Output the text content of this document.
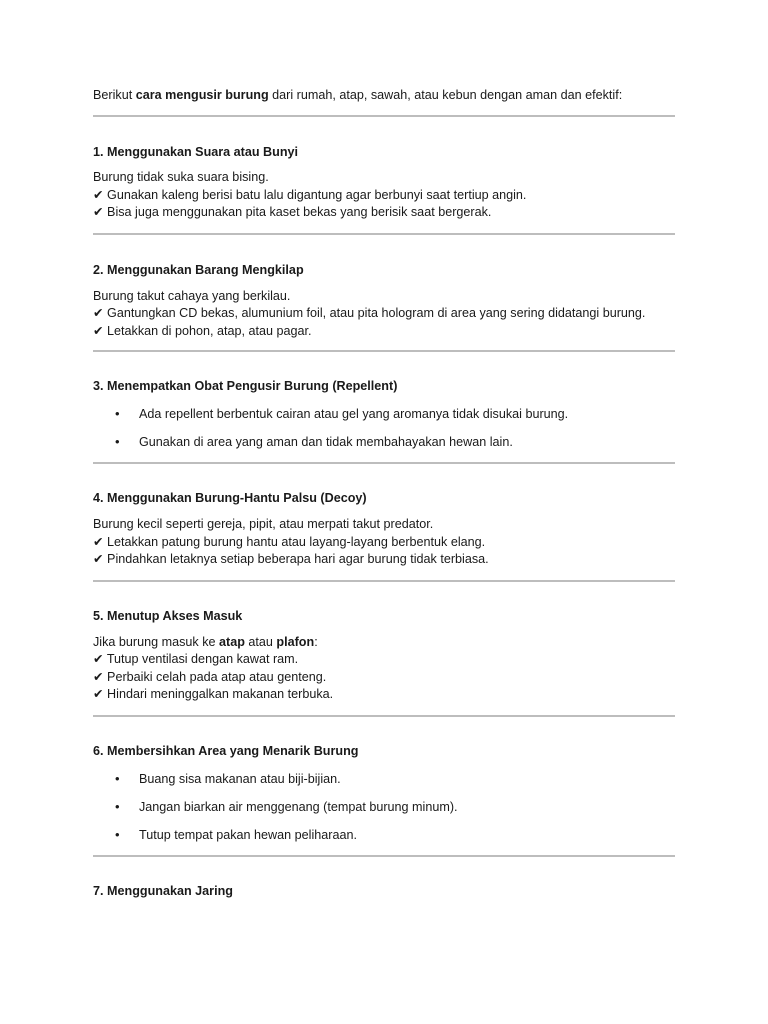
Berikut cara mengusir burung dari rumah, atap, sawah, atau kebun dengan aman dan efektif:

1. Menggunakan Suara atau Bunyi

Burung tidak suka suara bising.

✔ Gunakan kaleng berisi batu lalu digantung agar berbunyi saat tertiup angin.

✔ Bisa juga menggunakan pita kaset bekas yang berisik saat bergerak.

2. Menggunakan Barang Mengkilap

Burung takut cahaya yang berkilau.

✔ Gantungkan CD bekas, alumunium foil, atau pita hologram di area yang sering didatangi burung.

✔ Letakkan di pohon, atap, atau pagar.

3. Menempatkan Obat Pengusir Burung (Repellent)

• Ada repellent berbentuk cairan atau gel yang aromanya tidak disukai burung.
• Gunakan di area yang aman dan tidak membahayakan hewan lain.

4. Menggunakan Burung-Hantu Palsu (Decoy)

Burung kecil seperti gereja, pipit, atau merpati takut predator.

✔ Letakkan patung burung hantu atau layang-layang berbentuk elang.

✔ Pindahkan letaknya setiap beberapa hari agar burung tidak terbiasa.

5. Menutup Akses Masuk

Jika burung masuk ke atap atau plafon:

✔ Tutup ventilasi dengan kawat ram.

✔ Perbaiki celah pada atap atau genteng.

✔ Hindari meninggalkan makanan terbuka.

6. Membersihkan Area yang Menarik Burung

• Buang sisa makanan atau biji-bijian.
• Jangan biarkan air menggenang (tempat burung minum).
• Tutup tempat pakan hewan peliharaan.

7. Menggunakan Jaring
